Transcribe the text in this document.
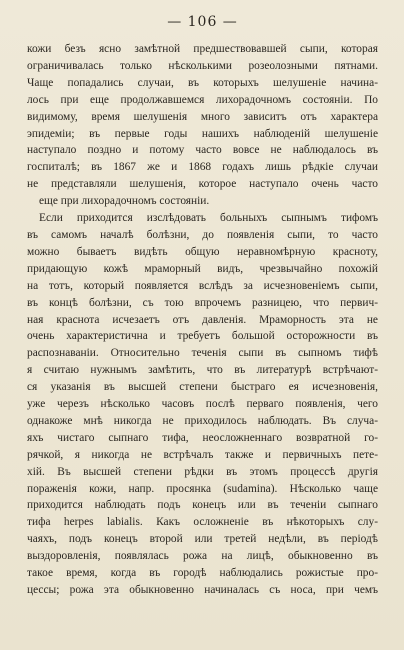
— 106 —
кожи безъ ясно замѣтной предшествовавшей сыпи, которая
ограничивалась только нѣсколькими розеолозными пятнами.
Чаще попадались случаи, въ которыхъ шелушеніе начина-
лось при еще продолжавшемся лихорадочномъ состояніи. По
видимому, время шелушенія много зависитъ отъ характера
эпидеміи; въ первые годы нашихъ наблюденій шелушеніе
наступало поздно и потому часто вовсе не наблюдалось въ
госпиталѣ; въ 1867 же и 1868 годахъ лишь рѣдкіе случаи
не представляли шелушенія, которое наступало очень часто
еще при лихорадочномъ состояніи.
Если приходится изслѣдовать больныхъ сыпнымъ тифомъ
въ самомъ началѣ болѣзни, до появленія сыпи, то часто
можно бываетъ видѣть общую неравномѣрную красноту,
придающую кожѣ мраморный видъ, чрезвычайно похожій
на тотъ, который появляется вслѣдъ за исчезновеніемъ сыпи,
въ концѣ болѣзни, съ тою впрочемъ разницею, что первич-
ная краснота исчезаетъ отъ давленія. Мраморность эта не
очень характеристична и требуетъ большой осторожности въ
распознаваніи. Относительно теченія сыпи въ сыпномъ тифѣ
я считаю нужнымъ замѣтить, что въ литературѣ встрѣчают-
ся указанія въ высшей степени быстраго ея исчезновенія,
уже черезъ нѣсколько часовъ послѣ перваго появленія, чего
однакоже мнѣ никогда не приходилось наблюдать. Въ случа-
яхъ чистаго сыпнаго тифа, неосложненнаго возвратной го-
рячкой, я никогда не встрѣчалъ также и первичныхъ пете-
хій. Въ высшей степени рѣдки въ этомъ процессѣ другія
пораженія кожи, напр. просянка (sudamina). Нѣсколько чаще
приходится наблюдать подъ конецъ или въ теченіи сыпнаго
тифа herpes labialis. Какъ осложненіе въ нѣкоторыхъ слу-
чаяхъ, подъ конецъ второй или третей недѣли, въ періодѣ
выздоровленія, появлялась рожа на лицѣ, обыкновенно въ
такое время, когда въ городѣ наблюдались рожистые про-
цессы; рожа эта обыкновенно начиналась съ носа, при чемъ
